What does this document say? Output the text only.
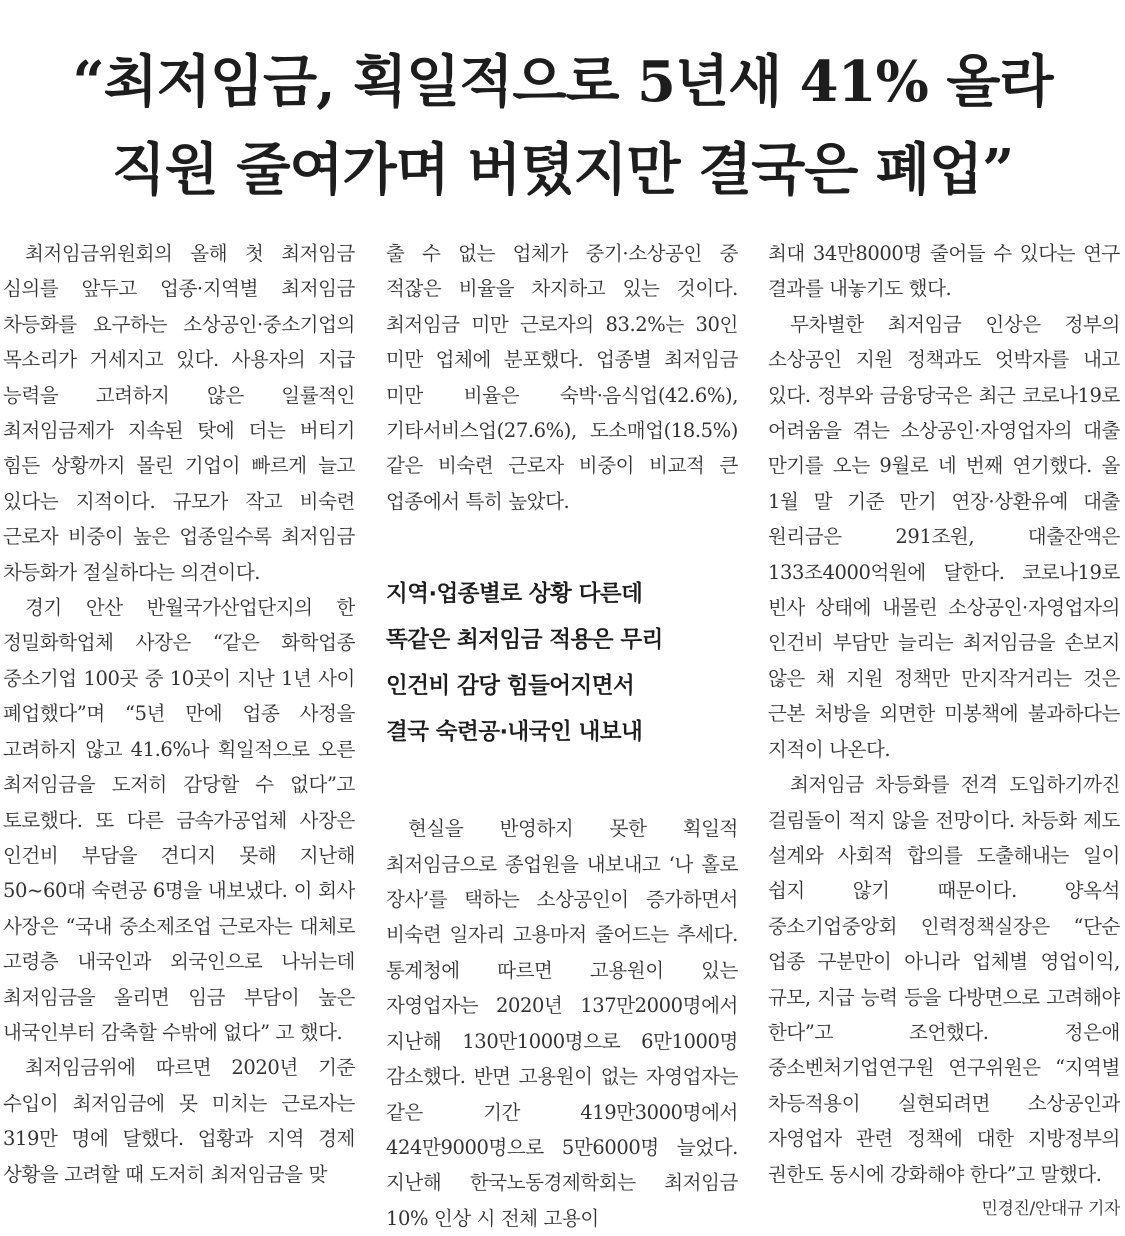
“최저임금, 획일적으로 5년새 41% 올라
직원 줄여가며 버텼지만 결국은 폐업”

최저임금위원회의 올해 첫 최저임금 심의를 앞두고 업종·지역별 최저임금 차등화를 요구하는 소상공인·중소기업의 목소리가 거세지고 있다. 사용자의 지급 능력을 고려하지 않은 일률적인 최저임금제가 지속된 탓에 더는 버티기 힘든 상황까지 몰린 기업이 빠르게 늘고 있다는 지적이다. 규모가 작고 비숙련 근로자 비중이 높은 업종일수록 최저임금 차등화가 절실하다는 의견이다.

경기 안산 반월국가산업단지의 한 정밀화학업체 사장은 “같은 화학업종 중소기업 100곳 중 10곳이 지난 1년 사이 폐업했다”며 “5년 만에 업종 사정을 고려하지 않고 41.6%나 획일적으로 오른 최저임금을 도저히 감당할 수 없다”고 토로했다. 또 다른 금속가공업체 사장은 인건비 부담을 견디지 못해 지난해 50~60대 숙련공 6명을 내보냈다. 이 회사 사장은 “국내 중소제조업 근로자는 대체로 고령층 내국인과 외국인으로 나뉘는데 최저임금을 올리면 임금 부담이 높은 내국인부터 감축할 수밖에 없다” 고 했다.

최저임금위에 따르면 2020년 기준 수입이 최저임금에 못 미치는 근로자는 319만 명에 달했다. 업황과 지역 경제 상황을 고려할 때 도저히 최저임금을 맞

출 수 없는 업체가 중기·소상공인 중 적잖은 비율을 차지하고 있는 것이다. 최저임금 미만 근로자의 83.2%는 30인 미만 업체에 분포했다. 업종별 최저임금 미만 비율은 숙박·음식업(42.6%), 기타서비스업(27.6%), 도소매업(18.5%) 같은 비숙련 근로자 비중이 비교적 큰 업종에서 특히 높았다.

지역·업종별로 상황 다른데
똑같은 최저임금 적용은 무리
인건비 감당 힘들어지면서
결국 숙련공·내국인 내보내

현실을 반영하지 못한 획일적 최저임금으로 종업원을 내보내고 ‘나 홀로 장사’를 택하는 소상공인이 증가하면서 비숙련 일자리 고용마저 줄어드는 추세다. 통계청에 따르면 고용원이 있는 자영업자는 2020년 137만2000명에서 지난해 130만1000명으로 6만1000명 감소했다. 반면 고용원이 없는 자영업자는 같은 기간 419만3000명에서 424만9000명으로 5만6000명 늘었다. 지난해 한국노동경제학회는 최저임금 10% 인상 시 전체 고용이

최대 34만8000명 줄어들 수 있다는 연구 결과를 내놓기도 했다.

무차별한 최저임금 인상은 정부의 소상공인 지원 정책과도 엇박자를 내고 있다. 정부와 금융당국은 최근 코로나19로 어려움을 겪는 소상공인·자영업자의 대출 만기를 오는 9월로 네 번째 연기했다. 올 1월 말 기준 만기 연장·상환유예 대출 원리금은 291조원, 대출잔액은 133조4000억원에 달한다. 코로나19로 빈사 상태에 내몰린 소상공인·자영업자의 인건비 부담만 늘리는 최저임금을 손보지 않은 채 지원 정책만 만지작거리는 것은 근본 처방을 외면한 미봉책에 불과하다는 지적이 나온다.

최저임금 차등화를 전격 도입하기까진 걸림돌이 적지 않을 전망이다. 차등화 제도 설계와 사회적 합의를 도출해내는 일이 쉽지 않기 때문이다. 양옥석 중소기업중앙회 인력정책실장은 “단순 업종 구분만이 아니라 업체별 영업이익, 규모, 지급 능력 등을 다방면으로 고려해야 한다”고 조언했다. 정은애 중소벤처기업연구원 연구위원은 “지역별 차등적용이 실현되려면 소상공인과 자영업자 관련 정책에 대한 지방정부의 권한도 동시에 강화해야 한다”고 말했다.

민경진/안대규 기자
